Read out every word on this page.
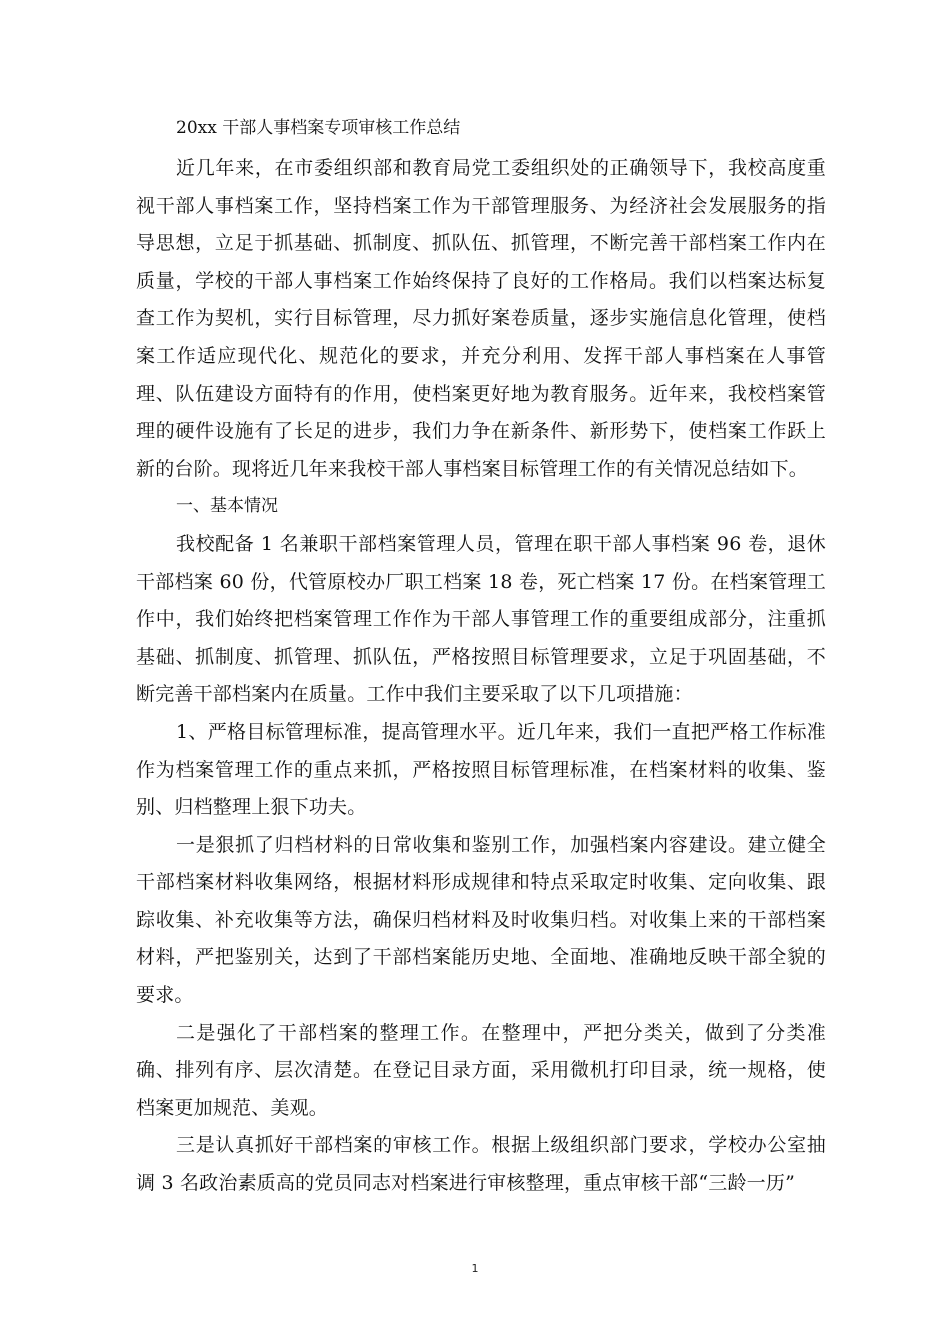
20xx 干部人事档案专项审核工作总结

近几年来，在市委组织部和教育局党工委组织处的正确领导下，我校高度重视干部人事档案工作，坚持档案工作为干部管理服务、为经济社会发展服务的指导思想，立足于抓基础、抓制度、抓队伍、抓管理，不断完善干部档案工作内在质量，学校的干部人事档案工作始终保持了良好的工作格局。我们以档案达标复查工作为契机，实行目标管理，尽力抓好案卷质量，逐步实施信息化管理，使档案工作适应现代化、规范化的要求，并充分利用、发挥干部人事档案在人事管理、队伍建设方面特有的作用，使档案更好地为教育服务。近年来，我校档案管理的硬件设施有了长足的进步，我们力争在新条件、新形势下，使档案工作跃上新的台阶。现将近几年来我校干部人事档案目标管理工作的有关情况总结如下。

一、基本情况

我校配备 1 名兼职干部档案管理人员，管理在职干部人事档案 96 卷，退休干部档案 60 份，代管原校办厂职工档案 18 卷，死亡档案 17 份。在档案管理工作中，我们始终把档案管理工作作为干部人事管理工作的重要组成部分，注重抓基础、抓制度、抓管理、抓队伍，严格按照目标管理要求，立足于巩固基础，不断完善干部档案内在质量。工作中我们主要采取了以下几项措施：

1、严格目标管理标准，提高管理水平。近几年来，我们一直把严格工作标准作为档案管理工作的重点来抓，严格按照目标管理标准，在档案材料的收集、鉴别、归档整理上狠下功夫。

一是狠抓了归档材料的日常收集和鉴别工作，加强档案内容建设。建立健全干部档案材料收集网络，根据材料形成规律和特点采取定时收集、定向收集、跟踪收集、补充收集等方法，确保归档材料及时收集归档。对收集上来的干部档案材料，严把鉴别关，达到了干部档案能历史地、全面地、准确地反映干部全貌的要求。

二是强化了干部档案的整理工作。在整理中，严把分类关，做到了分类准确、排列有序、层次清楚。在登记目录方面，采用微机打印目录，统一规格，使档案更加规范、美观。

三是认真抓好干部档案的审核工作。根据上级组织部门要求，学校办公室抽调 3 名政治素质高的党员同志对档案进行审核整理，重点审核干部“三龄一历”

1
